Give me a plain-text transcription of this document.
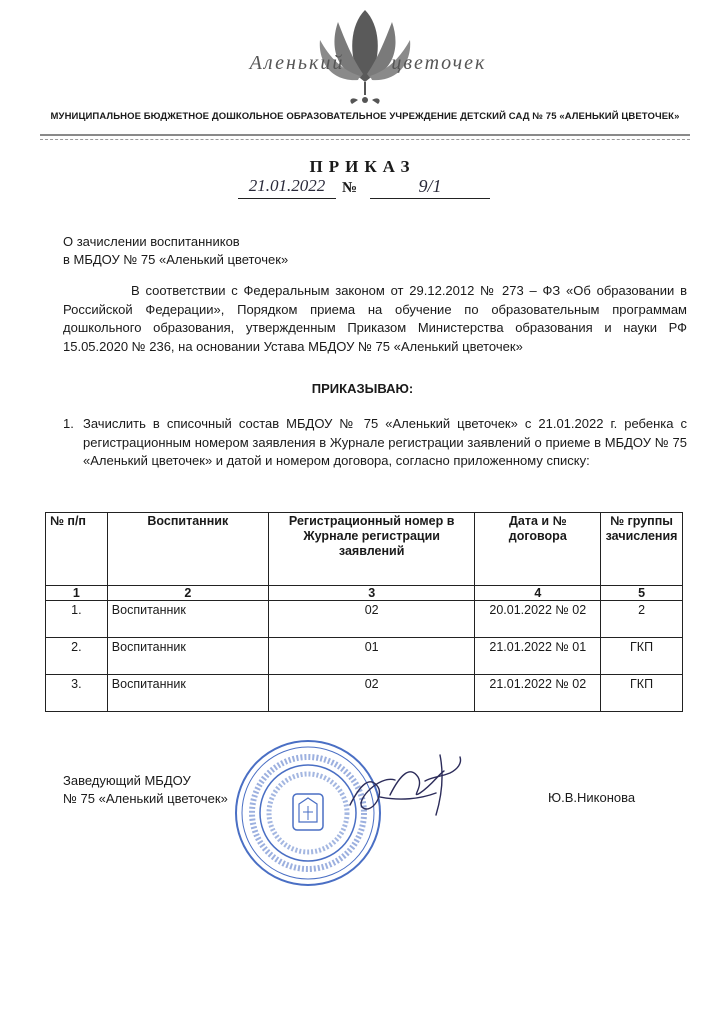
Аленький цветочек
МУНИЦИПАЛЬНОЕ БЮДЖЕТНОЕ ДОШКОЛЬНОЕ ОБРАЗОВАТЕЛЬНОЕ УЧРЕЖДЕНИЕ ДЕТСКИЙ САД № 75 «АЛЕНЬКИЙ ЦВЕТОЧЕК»
ПРИКАЗ
21.01.2022	№	9/1
О зачислении воспитанников
в МБДОУ № 75 «Аленький цветочек»
В соответствии с Федеральным законом от 29.12.2012 № 273 – ФЗ «Об образовании в Российской Федерации», Порядком приема на обучение по образовательным программам дошкольного образования, утвержденным Приказом Министерства образования и науки РФ 15.05.2020 № 236, на основании Устава МБДОУ № 75 «Аленький цветочек»
ПРИКАЗЫВАЮ:
1. Зачислить в списочный состав МБДОУ № 75 «Аленький цветочек» с 21.01.2022 г. ребенка с регистрационным номером заявления в Журнале регистрации заявлений о приеме в МБДОУ № 75 «Аленький цветочек» и датой и номером договора, согласно приложенному списку:
№ п/п	Воспитанник	Регистрационный номер в Журнале регистрации заявлений	Дата и № договора	№ группы зачисления
1	2	3	4	5
1.	Воспитанник	02	20.01.2022 № 02	2
2.	Воспитанник	01	21.01.2022 № 01	ГКП
3.	Воспитанник	02	21.01.2022 № 02	ГКП
Заведующий МБДОУ
№ 75 «Аленький цветочек»	Ю.В.Никонова
